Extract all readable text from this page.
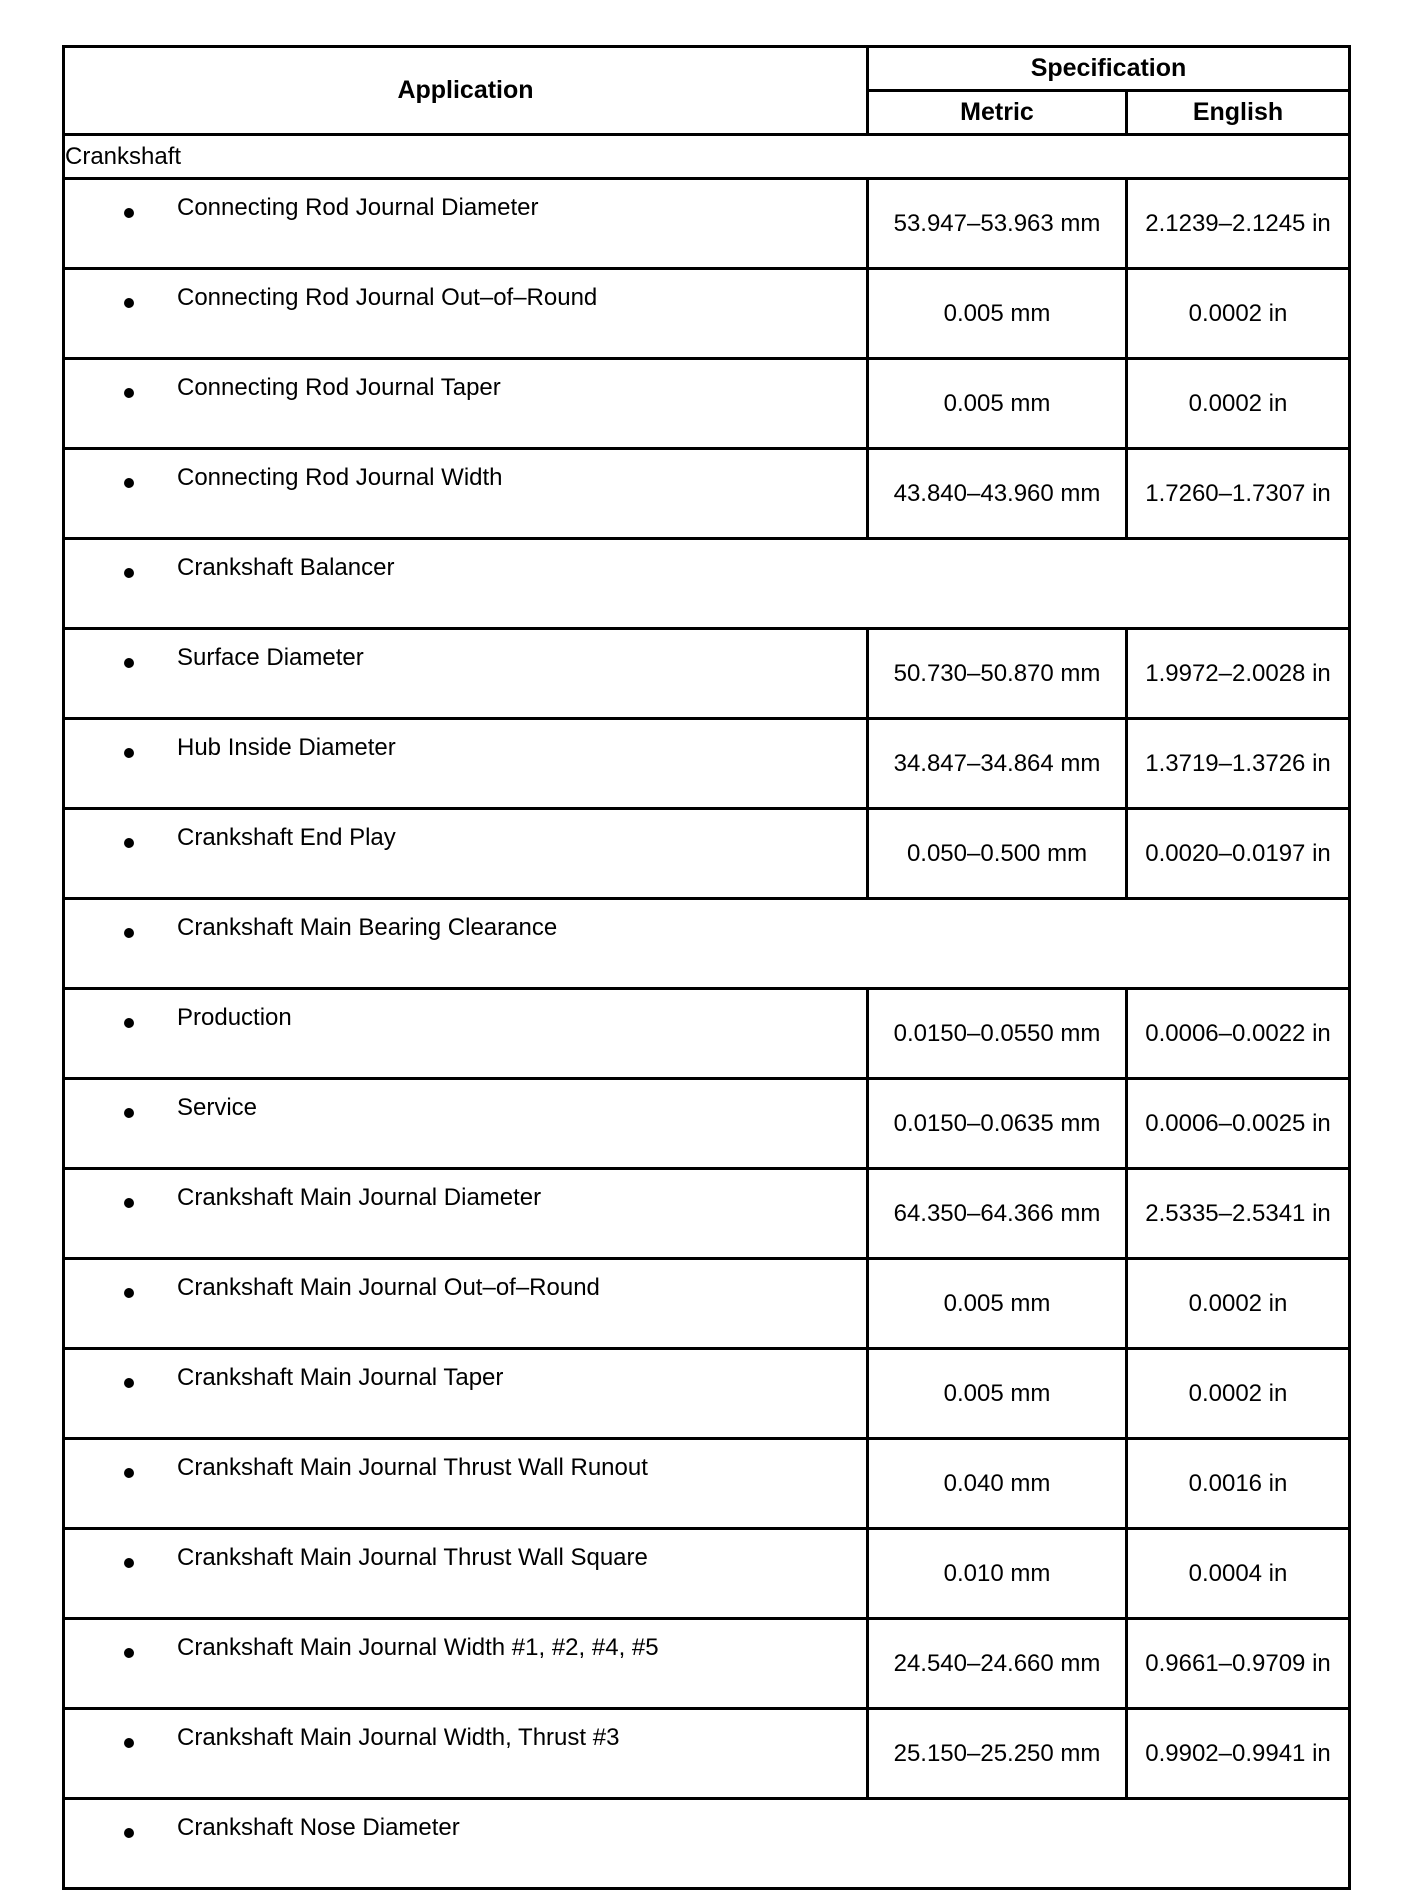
Application	Specification	
	Metric	English
Crankshaft		

Connecting Rod Journal Diameter	53.947–53.963 mm	2.1239–2.1245 in

Connecting Rod Journal Out–of–Round	0.005 mm	0.0002 in

Connecting Rod Journal Taper	0.005 mm	0.0002 in

Connecting Rod Journal Width	43.840–43.960 mm	1.7260–1.7307 in

Crankshaft Balancer		

Surface Diameter	50.730–50.870 mm	1.9972–2.0028 in

Hub Inside Diameter	34.847–34.864 mm	1.3719–1.3726 in

Crankshaft End Play	0.050–0.500 mm	0.0020–0.0197 in

Crankshaft Main Bearing Clearance		

Production	0.0150–0.0550 mm	0.0006–0.0022 in

Service	0.0150–0.0635 mm	0.0006–0.0025 in

Crankshaft Main Journal Diameter	64.350–64.366 mm	2.5335–2.5341 in

Crankshaft Main Journal Out–of–Round	0.005 mm	0.0002 in

Crankshaft Main Journal Taper	0.005 mm	0.0002 in

Crankshaft Main Journal Thrust Wall Runout	0.040 mm	0.0016 in

Crankshaft Main Journal Thrust Wall Square	0.010 mm	0.0004 in

Crankshaft Main Journal Width #1, #2, #4, #5	24.540–24.660 mm	0.9661–0.9709 in

Crankshaft Main Journal Width, Thrust #3	25.150–25.250 mm	0.9902–0.9941 in

Crankshaft Nose Diameter		
